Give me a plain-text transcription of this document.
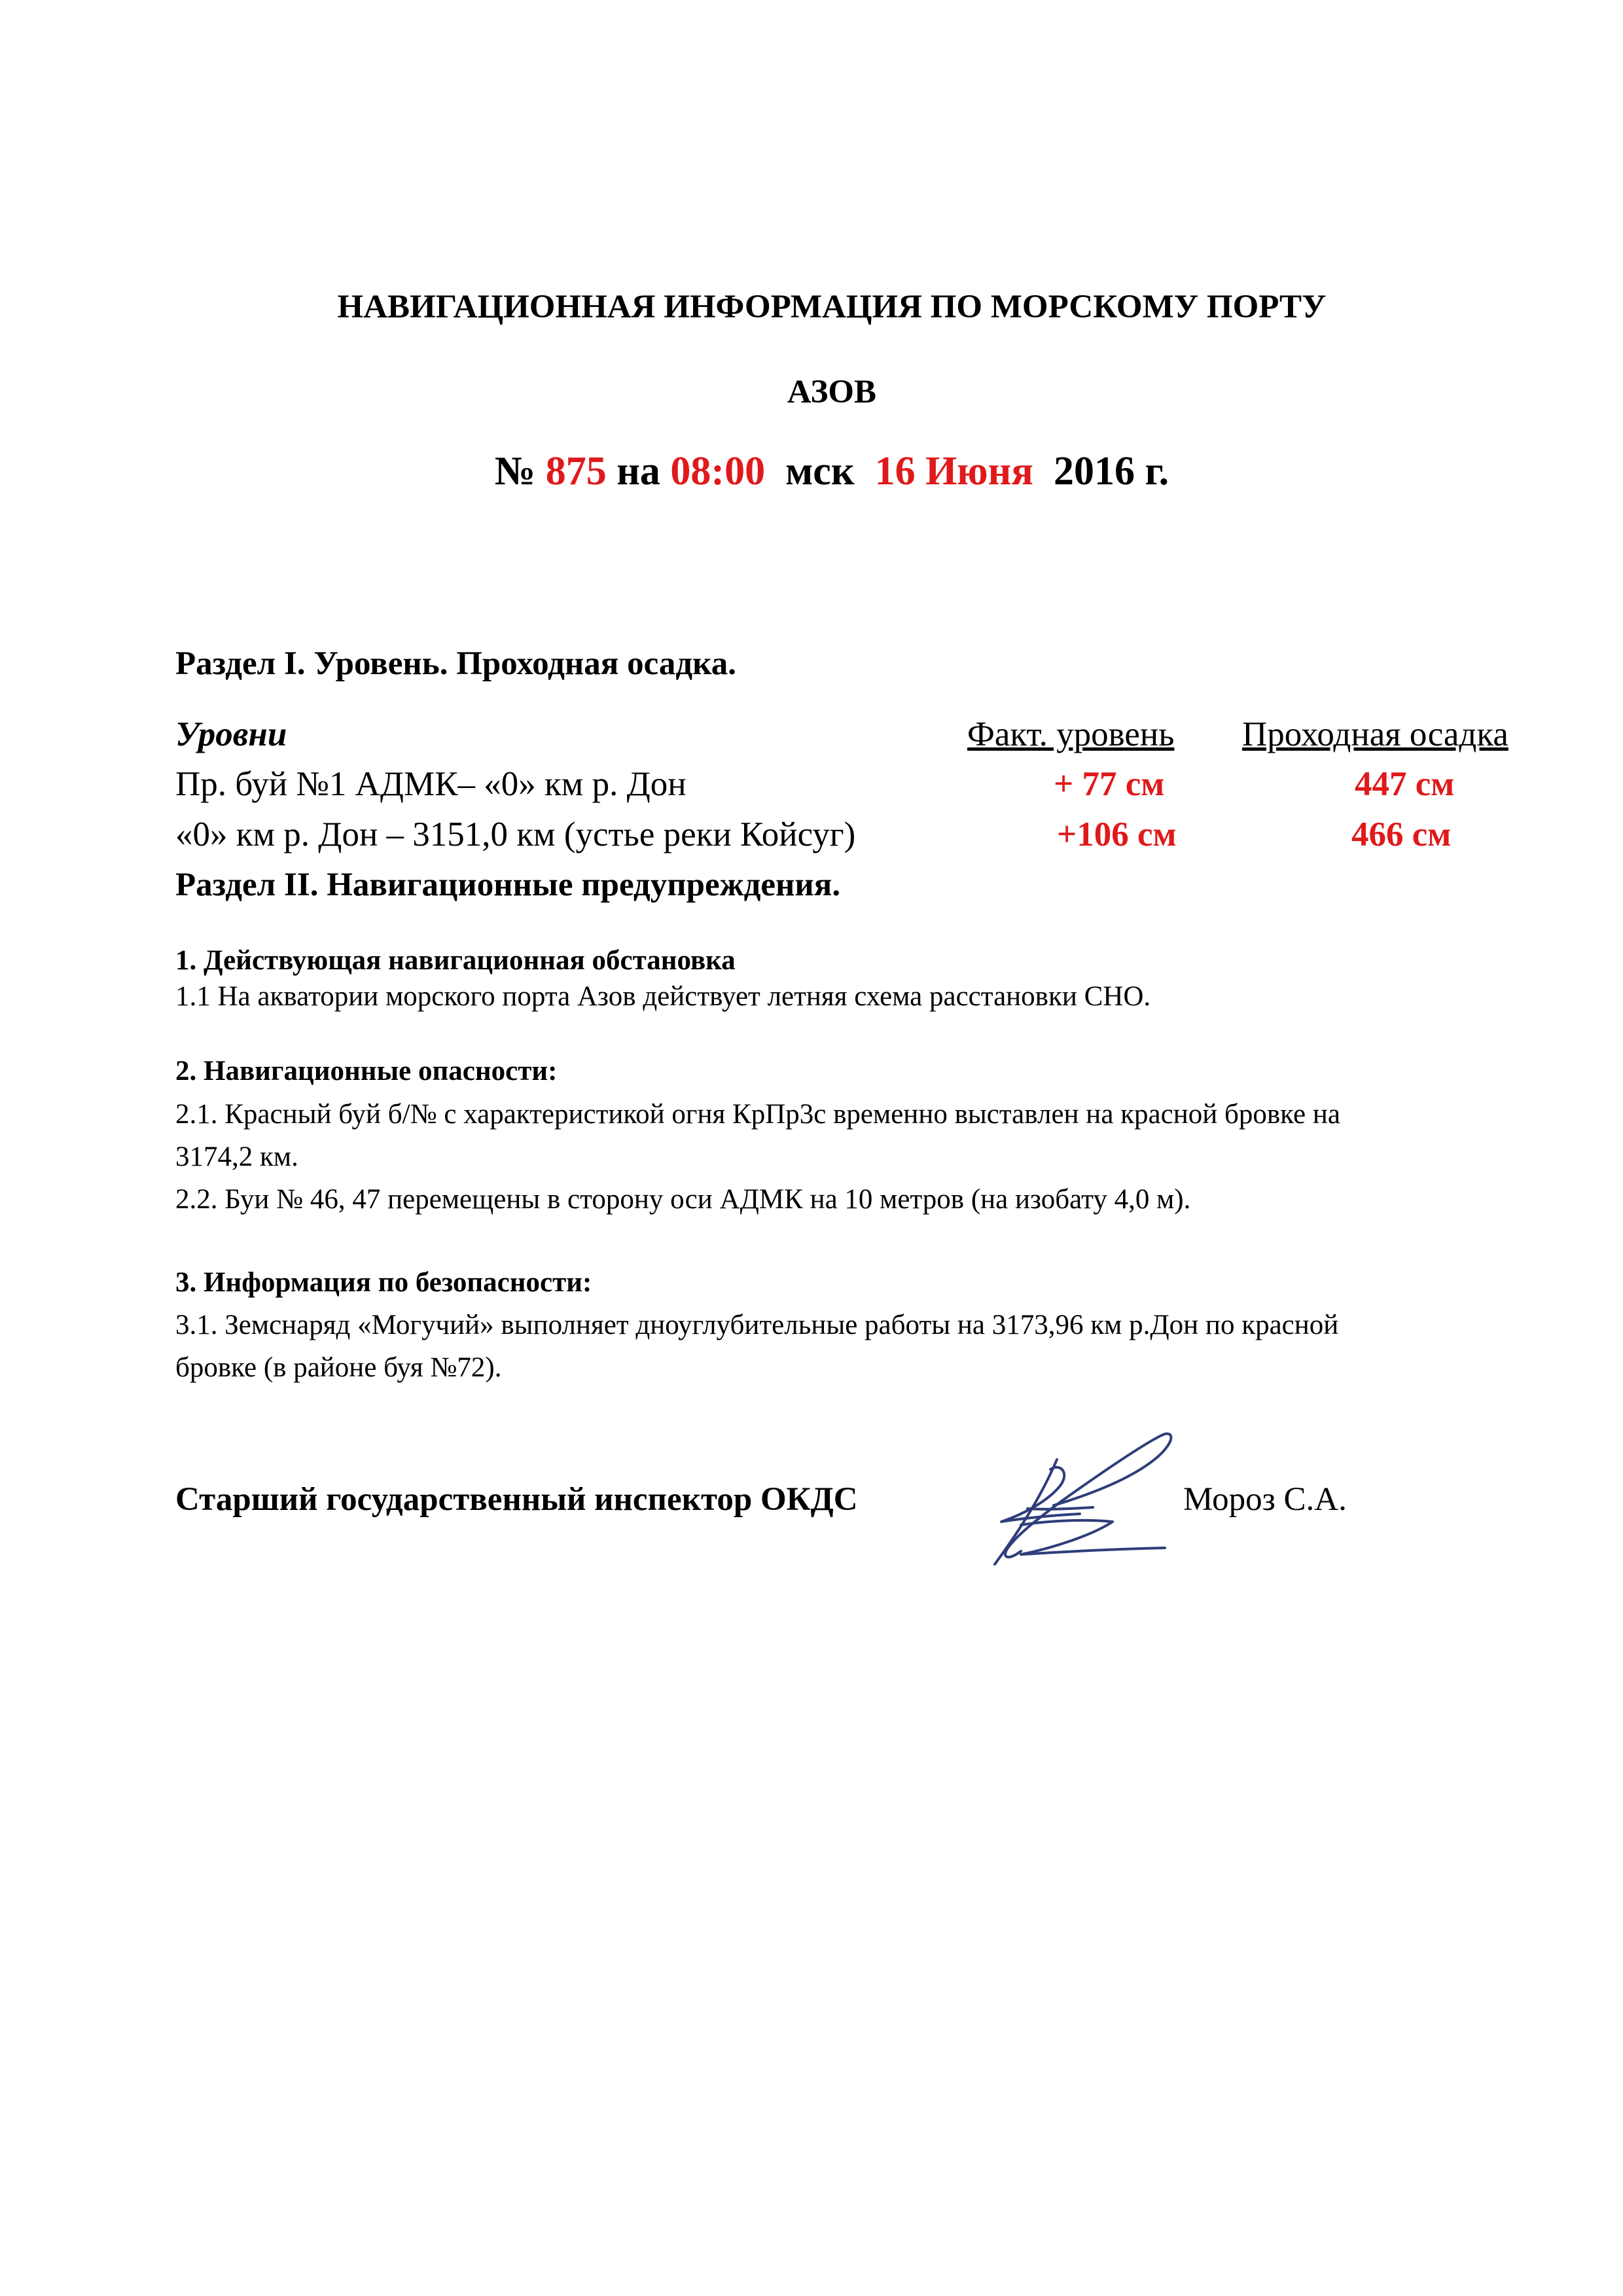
НАВИГАЦИОННАЯ ИНФОРМАЦИЯ ПО МОРСКОМУ ПОРТУ
АЗОВ
№ 875 на 08:00  мск  16 Июня  2016 г.
Раздел I. Уровень. Проходная осадка.
Уровни	Факт. уровень Проходная осадка
Пр. буй №1 АДМК– «0» км р. Дон	+ 77 см	447 см
«0» км р. Дон – 3151,0 км (устье реки Койсуг)	+106 см	466 см
Раздел II. Навигационные предупреждения.
1. Действующая навигационная обстановка
1.1 На акватории морского порта Азов действует летняя схема расстановки СНО.
2. Навигационные опасности:
2.1. Красный буй б/№ с характеристикой огня КрПр3с временно выставлен на красной бровке на
3174,2 км.
2.2. Буи № 46, 47 перемещены в сторону оси АДМК на 10 метров (на изобату 4,0 м).
3. Информация по безопасности:
3.1. Земснаряд «Могучий» выполняет дноуглубительные работы на 3173,96 км р.Дон по красной
бровке (в районе буя №72).
Старший государственный инспектор ОКДС	Мороз С.А.
